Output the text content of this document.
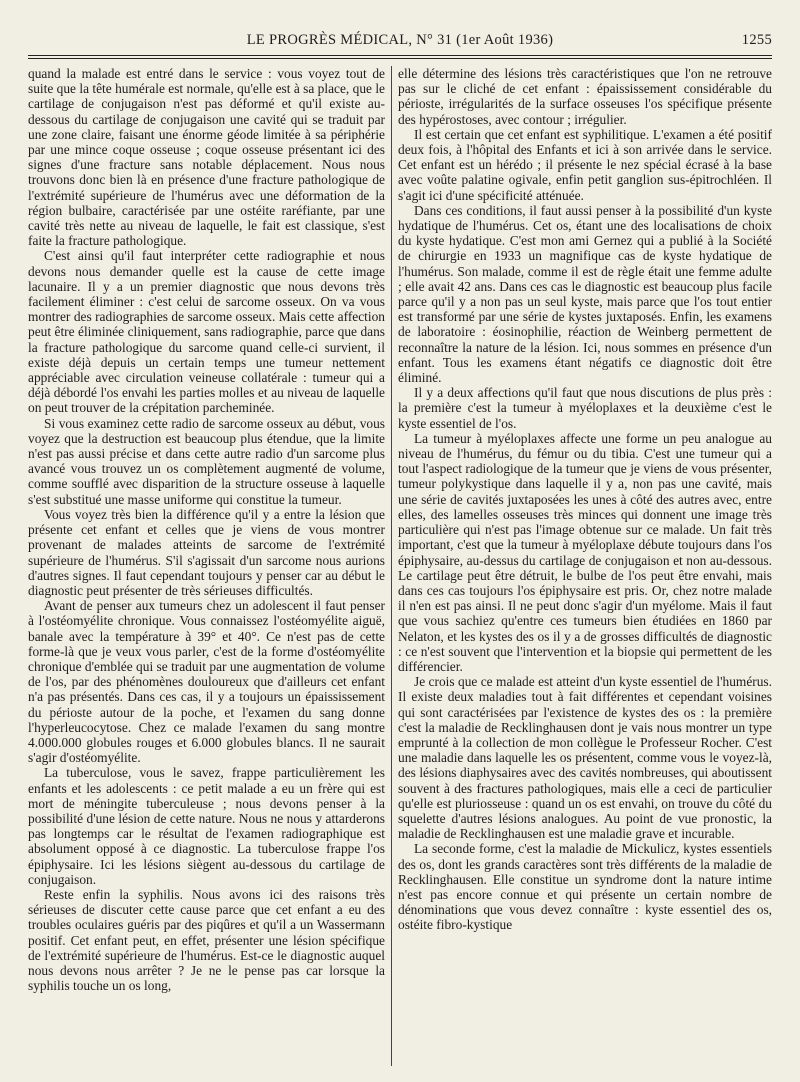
LE PROGRÈS MÉDICAL, N° 31 (1er Août 1936)	1255

quand la malade est entré dans le service : vous voyez tout de suite que la tête humérale est normale, qu'elle est à sa place, que le cartilage de conjugaison n'est pas déformé et qu'il existe au-dessous du cartilage de conjugaison une cavité qui se traduit par une zone claire, faisant une énorme géode limitée à sa périphérie par une mince coque osseuse ; coque osseuse présentant ici des signes d'une fracture sans notable déplacement. Nous nous trouvons donc bien là en présence d'une fracture pathologique de l'extrémité supérieure de l'humérus avec une déformation de la région bulbaire, caractérisée par une ostéite raréfiante, par une cavité très nette au niveau de laquelle, le fait est classique, s'est faite la fracture pathologique.

C'est ainsi qu'il faut interpréter cette radiographie et nous devons nous demander quelle est la cause de cette image lacunaire. Il y a un premier diagnostic que nous devons très facilement éliminer : c'est celui de sarcome osseux. On va vous montrer des radiographies de sarcome osseux. Mais cette affection peut être éliminée cliniquement, sans radiographie, parce que dans la fracture pathologique du sarcome quand celle-ci survient, il existe déjà depuis un certain temps une tumeur nettement appréciable avec circulation veineuse collatérale : tumeur qui a déjà débordé l'os envahi les parties molles et au niveau de laquelle on peut trouver de la crépitation parcheminée.

Si vous examinez cette radio de sarcome osseux au début, vous voyez que la destruction est beaucoup plus étendue, que la limite n'est pas aussi précise et dans cette autre radio d'un sarcome plus avancé vous trouvez un os complètement augmenté de volume, comme soufflé avec disparition de la structure osseuse à laquelle s'est substitué une masse uniforme qui constitue la tumeur.

Vous voyez très bien la différence qu'il y a entre la lésion que présente cet enfant et celles que je viens de vous montrer provenant de malades atteints de sarcome de l'extrémité supérieure de l'humérus. S'il s'agissait d'un sarcome nous aurions d'autres signes. Il faut cependant toujours y penser car au début le diagnostic peut présenter de très sérieuses difficultés.

Avant de penser aux tumeurs chez un adolescent il faut penser à l'ostéomyélite chronique. Vous connaissez l'ostéomyélite aiguë, banale avec la température à 39° et 40°. Ce n'est pas de cette forme-là que je veux vous parler, c'est de la forme d'ostéomyélite chronique d'emblée qui se traduit par une augmentation de volume de l'os, par des phénomènes douloureux que d'ailleurs cet enfant n'a pas présentés. Dans ces cas, il y a toujours un épaississement du périoste autour de la poche, et l'examen du sang donne l'hyperleucocytose. Chez ce malade l'examen du sang montre 4.000.000 globules rouges et 6.000 globules blancs. Il ne saurait s'agir d'ostéomyélite.

La tuberculose, vous le savez, frappe particulièrement les enfants et les adolescents : ce petit malade a eu un frère qui est mort de méningite tuberculeuse ; nous devons penser à la possibilité d'une lésion de cette nature. Nous ne nous y attarderons pas longtemps car le résultat de l'examen radiographique est absolument opposé à ce diagnostic. La tuberculose frappe l'os épiphysaire. Ici les lésions siègent au-dessous du cartilage de conjugaison.

Reste enfin la syphilis. Nous avons ici des raisons très sérieuses de discuter cette cause parce que cet enfant a eu des troubles oculaires guéris par des piqûres et qu'il a un Wassermann positif. Cet enfant peut, en effet, présenter une lésion spécifique de l'extrémité supérieure de l'humérus. Est-ce le diagnostic auquel nous devons nous arrêter ? Je ne le pense pas car lorsque la syphilis touche un os long,

elle détermine des lésions très caractéristiques que l'on ne retrouve pas sur le cliché de cet enfant : épaississement considérable du périoste, irrégularités de la surface osseuses l'os spécifique présente des hypérostoses, avec contour ; irrégulier.

Il est certain que cet enfant est syphilitique. L'examen a été positif deux fois, à l'hôpital des Enfants et ici à son arrivée dans le service. Cet enfant est un hérédo ; il présente le nez spécial écrasé à la base avec voûte palatine ogivale, enfin petit ganglion sus-épitrochléen. Il s'agit ici d'une spécificité atténuée.

Dans ces conditions, il faut aussi penser à la possibilité d'un kyste hydatique de l'humérus. Cet os, étant une des localisations de choix du kyste hydatique. C'est mon ami Gernez qui a publié à la Société de chirurgie en 1933 un magnifique cas de kyste hydatique de l'humérus. Son malade, comme il est de règle était une femme adulte ; elle avait 42 ans. Dans ces cas le diagnostic est beaucoup plus facile parce qu'il y a non pas un seul kyste, mais parce que l'os tout entier est transformé par une série de kystes juxtaposés. Enfin, les examens de laboratoire : éosinophilie, réaction de Weinberg permettent de reconnaître la nature de la lésion. Ici, nous sommes en présence d'un enfant. Tous les examens étant négatifs ce diagnostic doit être éliminé.

Il y a deux affections qu'il faut que nous discutions de plus près : la première c'est la tumeur à myéloplaxes et la deuxième c'est le kyste essentiel de l'os.

La tumeur à myéloplaxes affecte une forme un peu analogue au niveau de l'humérus, du fémur ou du tibia. C'est une tumeur qui a tout l'aspect radiologique de la tumeur que je viens de vous présenter, tumeur polykystique dans laquelle il y a, non pas une cavité, mais une série de cavités juxtaposées les unes à côté des autres avec, entre elles, des lamelles osseuses très minces qui donnent une image très particulière qui n'est pas l'image obtenue sur ce malade. Un fait très important, c'est que la tumeur à myéloplaxe débute toujours dans l'os épiphysaire, au-dessus du cartilage de conjugaison et non au-dessous. Le cartilage peut être détruit, le bulbe de l'os peut être envahi, mais dans ces cas toujours l'os épiphysaire est pris. Or, chez notre malade il n'en est pas ainsi. Il ne peut donc s'agir d'un myélome. Mais il faut que vous sachiez qu'entre ces tumeurs bien étudiées en 1860 par Nelaton, et les kystes des os il y a de grosses difficultés de diagnostic : ce n'est souvent que l'intervention et la biopsie qui permettent de les différencier.

Je crois que ce malade est atteint d'un kyste essentiel de l'humérus. Il existe deux maladies tout à fait différentes et cependant voisines qui sont caractérisées par l'existence de kystes des os : la première c'est la maladie de Recklinghausen dont je vais nous montrer un type emprunté à la collection de mon collègue le Professeur Rocher. C'est une maladie dans laquelle les os présentent, comme vous le voyez-là, des lésions diaphysaires avec des cavités nombreuses, qui aboutissent souvent à des fractures pathologiques, mais elle a ceci de particulier qu'elle est pluriosseuse : quand un os est envahi, on trouve du côté du squelette d'autres lésions analogues. Au point de vue pronostic, la maladie de Recklinghausen est une maladie grave et incurable.

La seconde forme, c'est la maladie de Mickulicz, kystes essentiels des os, dont les grands caractères sont très différents de la maladie de Recklinghausen. Elle constitue un syndrome dont la nature intime n'est pas encore connue et qui présente un certain nombre de dénominations que vous devez connaître : kyste essentiel des os, ostéite fibro-kystique
